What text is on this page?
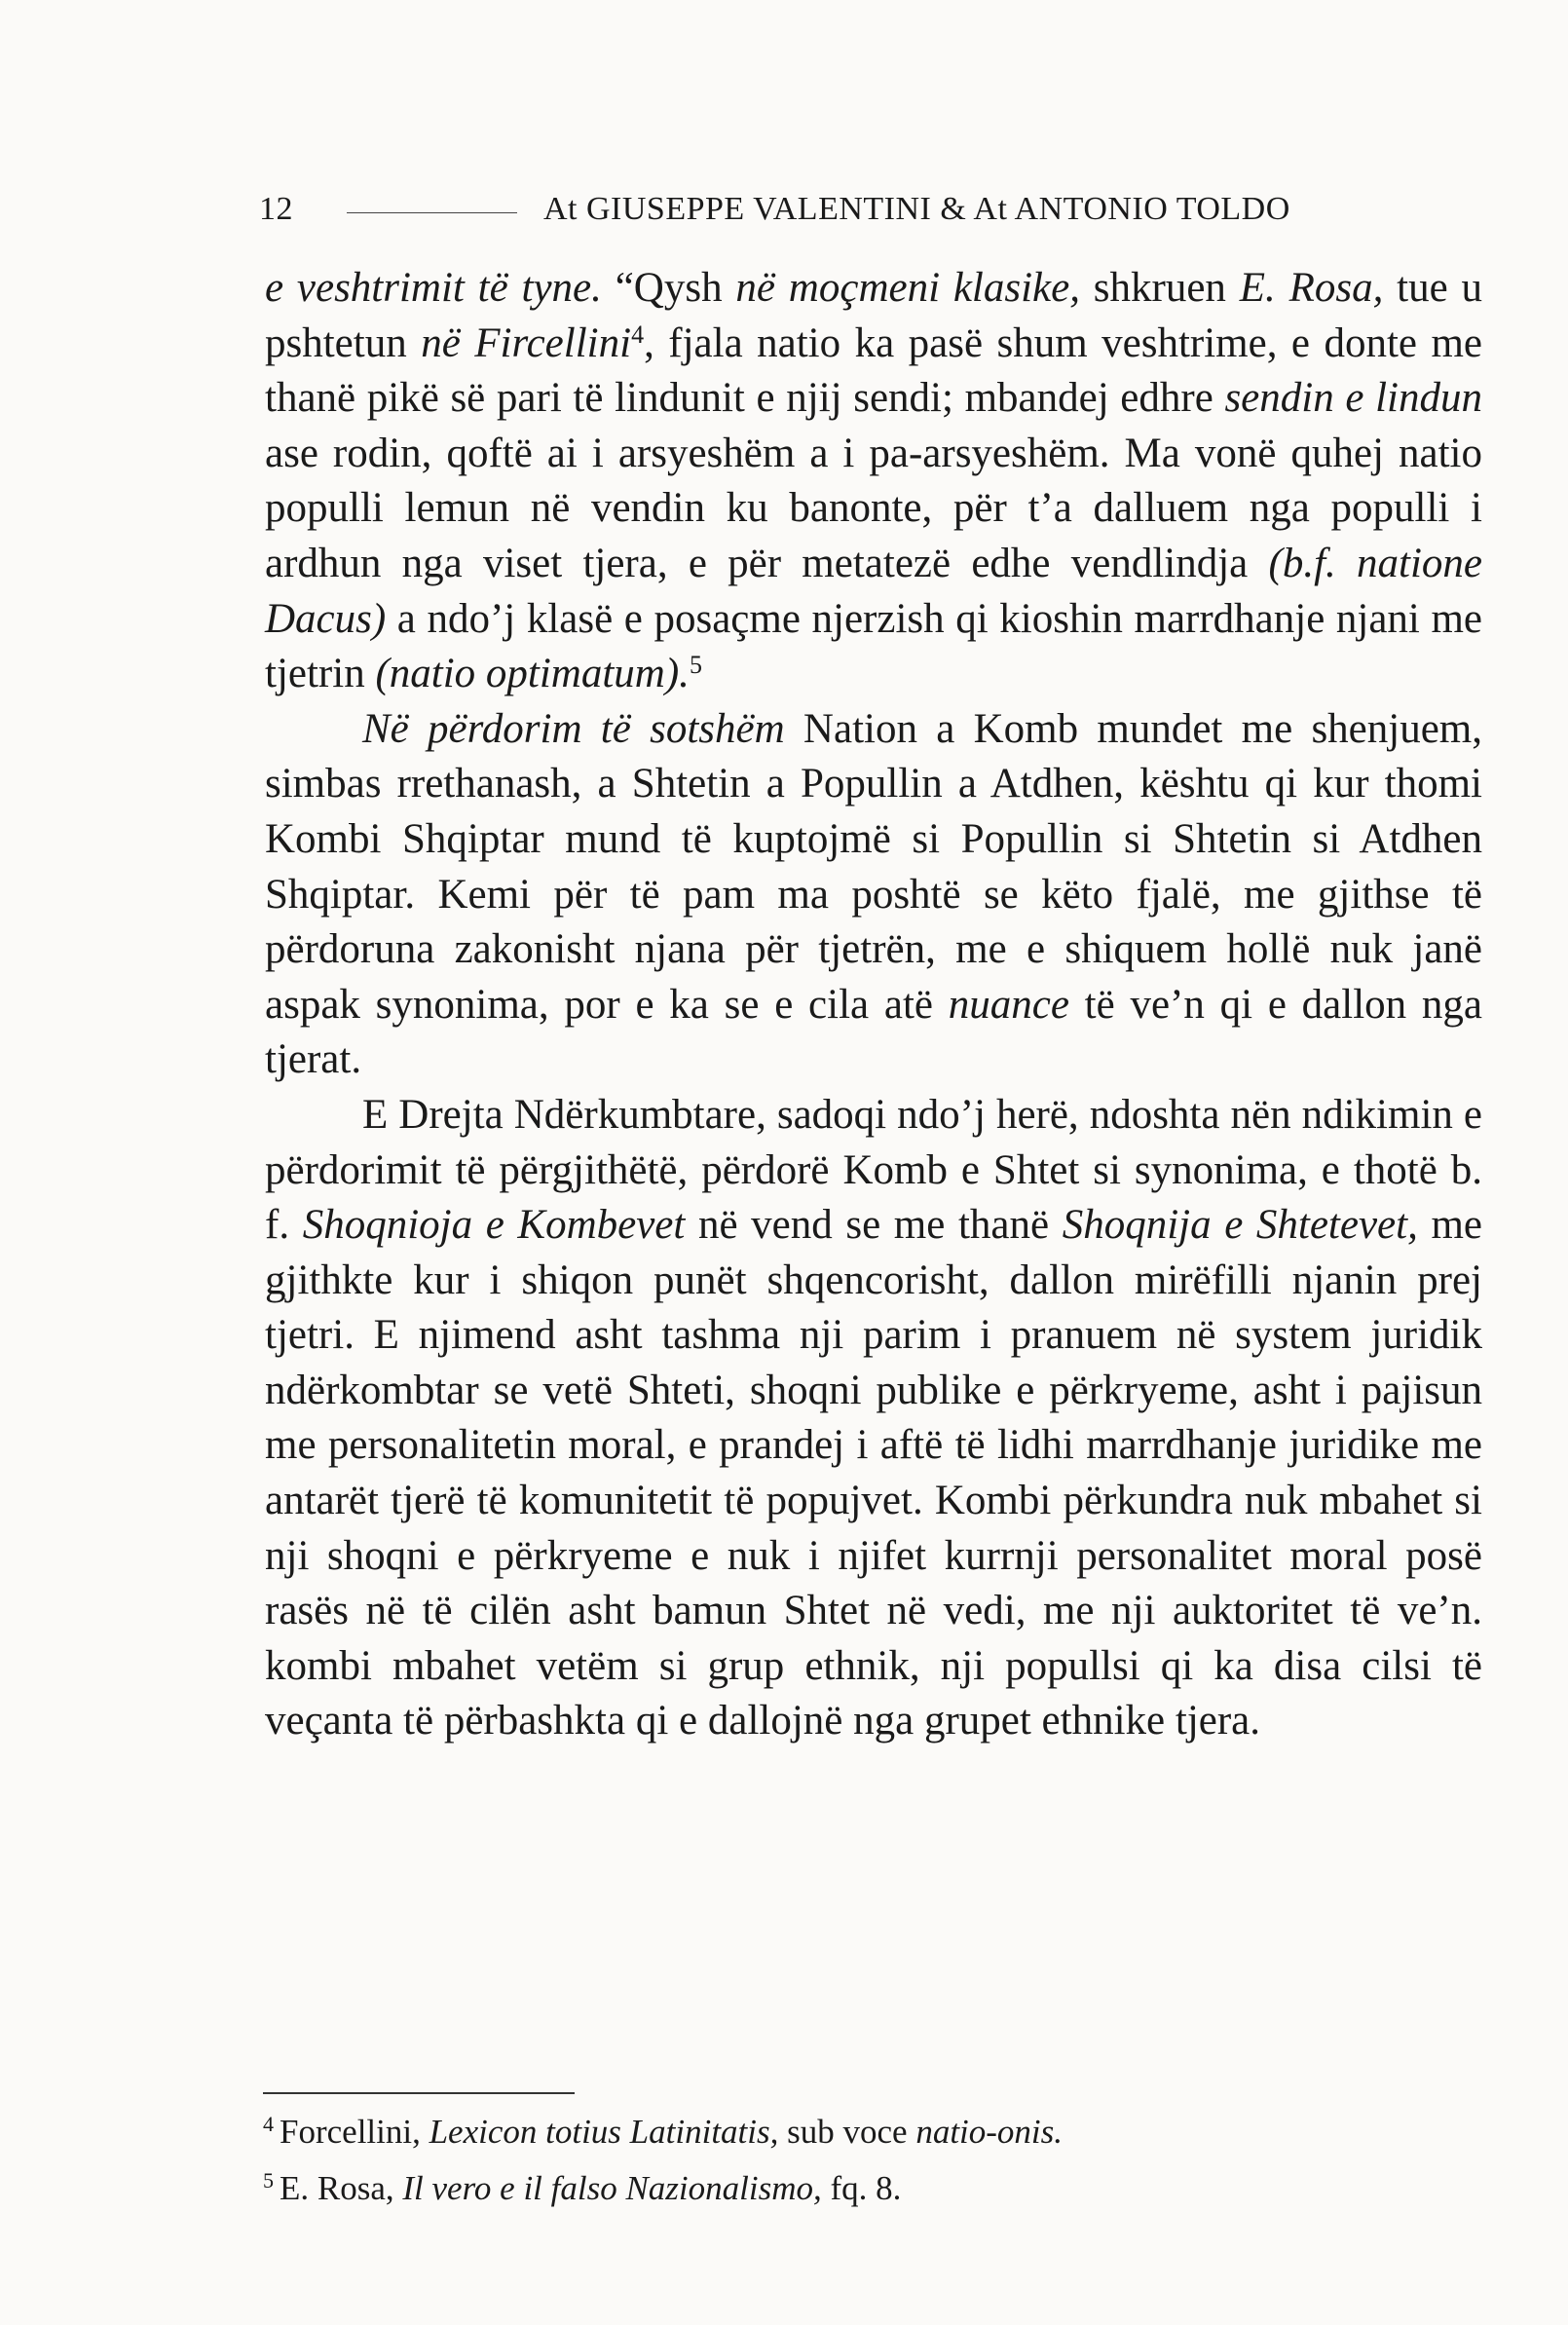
12	At GIUSEPPE VALENTINI & At ANTONIO TOLDO

e veshtrimit të tyne. “Qysh në moçmeni klasike, shkruen E. Rosa, tue u pshtetun në Fircellini$^4$, fjala natio ka pasë shum veshtrime, e donte me thanë pikë së pari të lindunit e njij sendi; mbandej edhre sendin e lindun ase rodin, qoftë ai i arsyeshëm a i pa-arsyeshëm. Ma vonë quhej natio populli lemun në vendin ku banonte, për t’a dalluem nga populli i ardhun nga viset tjera, e për metatezë edhe vendlindja (b.f. natione Dacus) a ndo’j klasë e posaçme njerzish qi kioshin marrdhanje njani me tjetrin (natio optimatum).$^5$

Në përdorim të sotshëm Nation a Komb mundet me shenjuem, simbas rrethanash, a Shtetin a Popullin a Atdhen, kështu qi kur thomi Kombi Shqiptar mund të kuptojmë si Popullin si Shtetin si Atdhen Shqiptar. Kemi për të pam ma poshtë se këto fjalë, me gjithse të përdoruna zakonisht njana për tjetrën, me e shiquem hollë nuk janë aspak synonima, por e ka se e cila atë nuance të ve’n qi e dallon nga tjerat.

E Drejta Ndërkumbtare, sadoqi ndo’j herë, ndoshta nën ndikimin e përdorimit të përgjithëtë, përdorë Komb e Shtet si synonima, e thotë b. f. Shoqnioja e Kombevet në vend se me thanë Shoqnija e Shtetevet, me gjithkte kur i shiqon punët shqencorisht, dallon mirëfilli njanin prej tjetri. E njimend asht tashma nji parim i pranuem në system juridik ndërkombtar se vetë Shteti, shoqni publike e përkryeme, asht i pajisun me personalitetin moral, e prandej i aftë të lidhi marrdhanje juridike me antarët tjerë të komunitetit të popujvet. Kombi përkundra nuk mbahet si nji shoqni e përkryeme e nuk i njifet kurrnji personalitet moral posë rasës në të cilën asht bamun Shtet në vedi, me nji auktoritet të ve’n. kombi mbahet vetëm si grup ethnik, nji popullsi qi ka disa cilsi të veçanta të përbashkta qi e dallojnë nga grupet ethnike tjera.

$^4$ Forcellini, Lexicon totius Latinitatis, sub voce natio-onis.
$^5$ E. Rosa, Il vero e il falso Nazionalismo, fq. 8.
